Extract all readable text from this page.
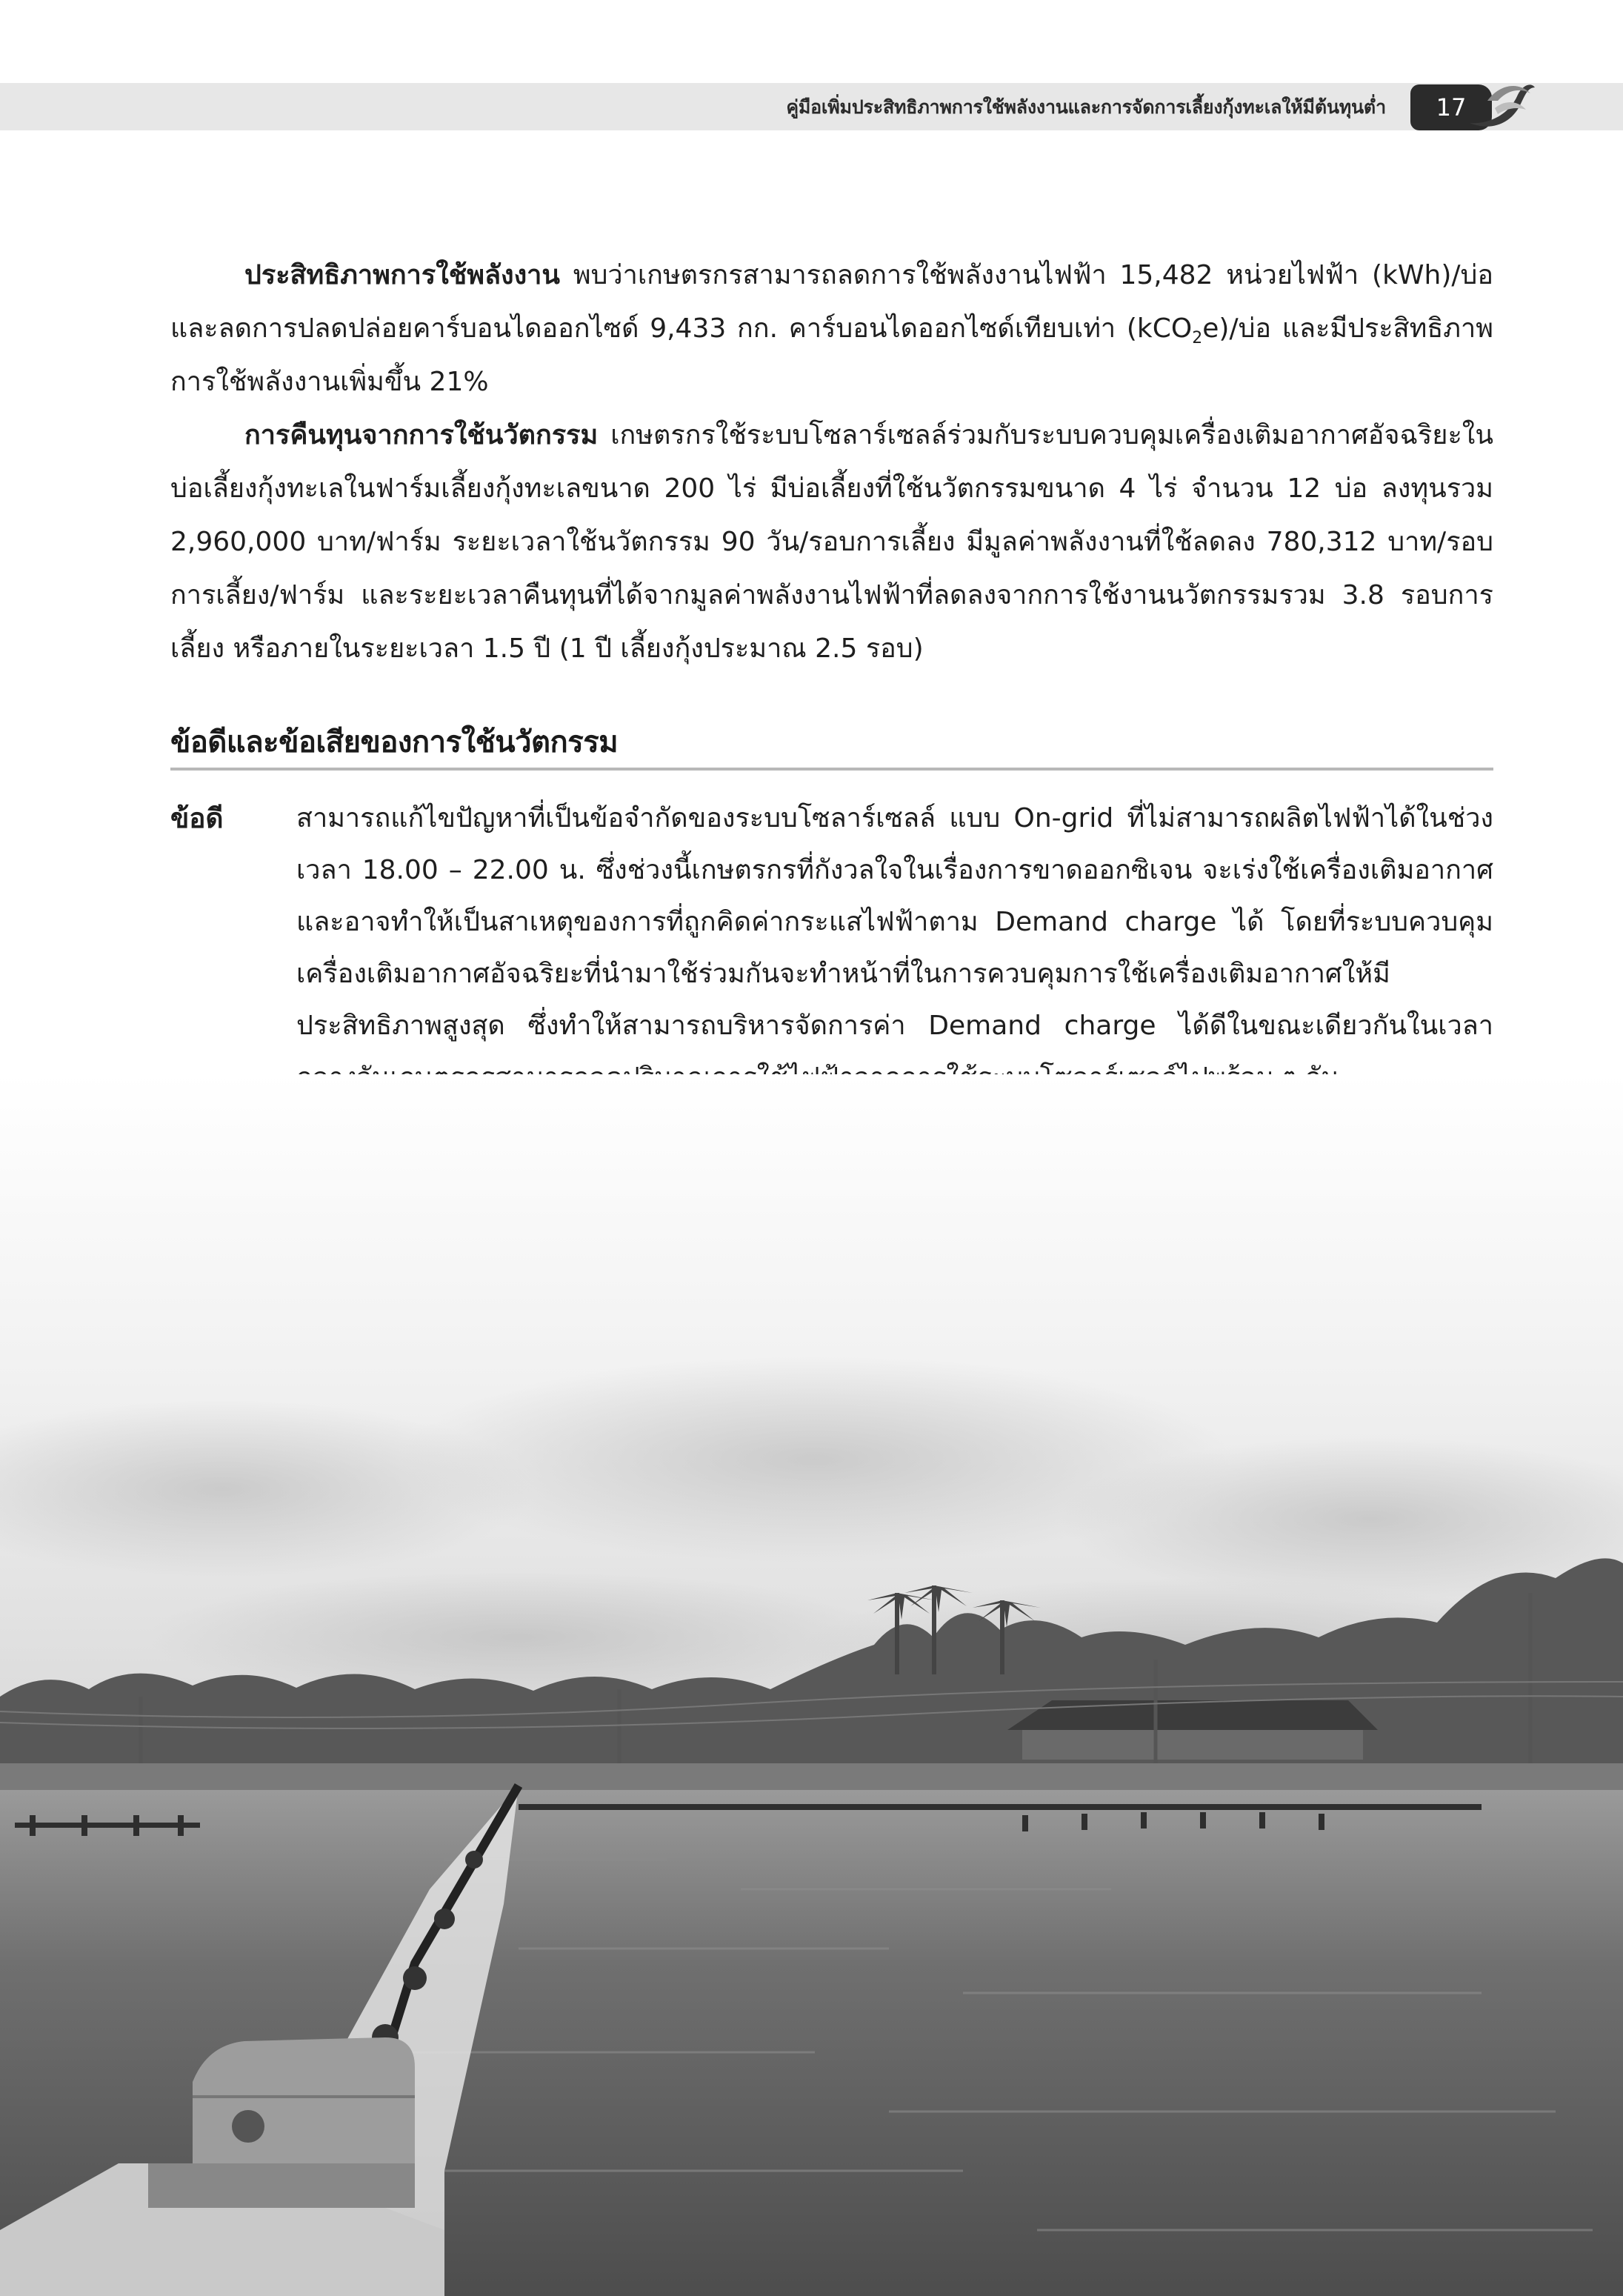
คู่มือเพิ่มประสิทธิภาพการใช้พลังงานและการจัดการเลี้ยงกุ้งทะเลให้มีต้นทุนต่ำ	17

ประสิทธิภาพการใช้พลังงาน พบว่าเกษตรกรสามารถลดการใช้พลังงานไฟฟ้า 15,482 หน่วยไฟฟ้า (kWh)/บ่อ และลดการปลดปล่อยคาร์บอนไดออกไซด์ 9,433 กก. คาร์บอนไดออกไซด์เทียบเท่า (kCO$_2$e)/บ่อ และมีประสิทธิภาพการใช้พลังงานเพิ่มขึ้น 21%

การคืนทุนจากการใช้นวัตกรรม เกษตรกรใช้ระบบโซลาร์เซลล์ร่วมกับระบบควบคุมเครื่องเติมอากาศอัจฉริยะในบ่อเลี้ยงกุ้งทะเลในฟาร์มเลี้ยงกุ้งทะเลขนาด 200 ไร่ มีบ่อเลี้ยงที่ใช้นวัตกรรมขนาด 4 ไร่ จำนวน 12 บ่อ ลงทุนรวม 2,960,000 บาท/ฟาร์ม ระยะเวลาใช้นวัตกรรม 90 วัน/รอบการเลี้ยง มีมูลค่าพลังงานที่ใช้ลดลง 780,312 บาท/รอบการเลี้ยง/ฟาร์ม และระยะเวลาคืนทุนที่ได้จากมูลค่าพลังงานไฟฟ้าที่ลดลงจากการใช้งานนวัตกรรมรวม 3.8 รอบการเลี้ยง หรือภายในระยะเวลา 1.5 ปี (1 ปี เลี้ยงกุ้งประมาณ 2.5 รอบ)

ข้อดีและข้อเสียของการใช้นวัตกรรม
ข้อดี	สามารถแก้ไขปัญหาที่เป็นข้อจำกัดของระบบโซลาร์เซลล์ แบบ On-grid ที่ไม่สามารถผลิตไฟฟ้าได้ในช่วงเวลา 18.00 – 22.00 น. ซึ่งช่วงนี้เกษตรกรที่กังวลใจในเรื่องการขาดออกซิเจน จะเร่งใช้เครื่องเติมอากาศ และอาจทำให้เป็นสาเหตุของการที่ถูกคิดค่ากระแสไฟฟ้าตาม Demand charge ได้ โดยที่ระบบควบคุมเครื่องเติมอากาศอัจฉริยะที่นำมาใช้ร่วมกันจะทำหน้าที่ในการควบคุมการใช้เครื่องเติมอากาศให้มีประสิทธิภาพสูงสุด ซึ่งทำให้สามารถบริหารจัดการค่า Demand charge ได้ดีในขณะเดียวกันในเวลา
